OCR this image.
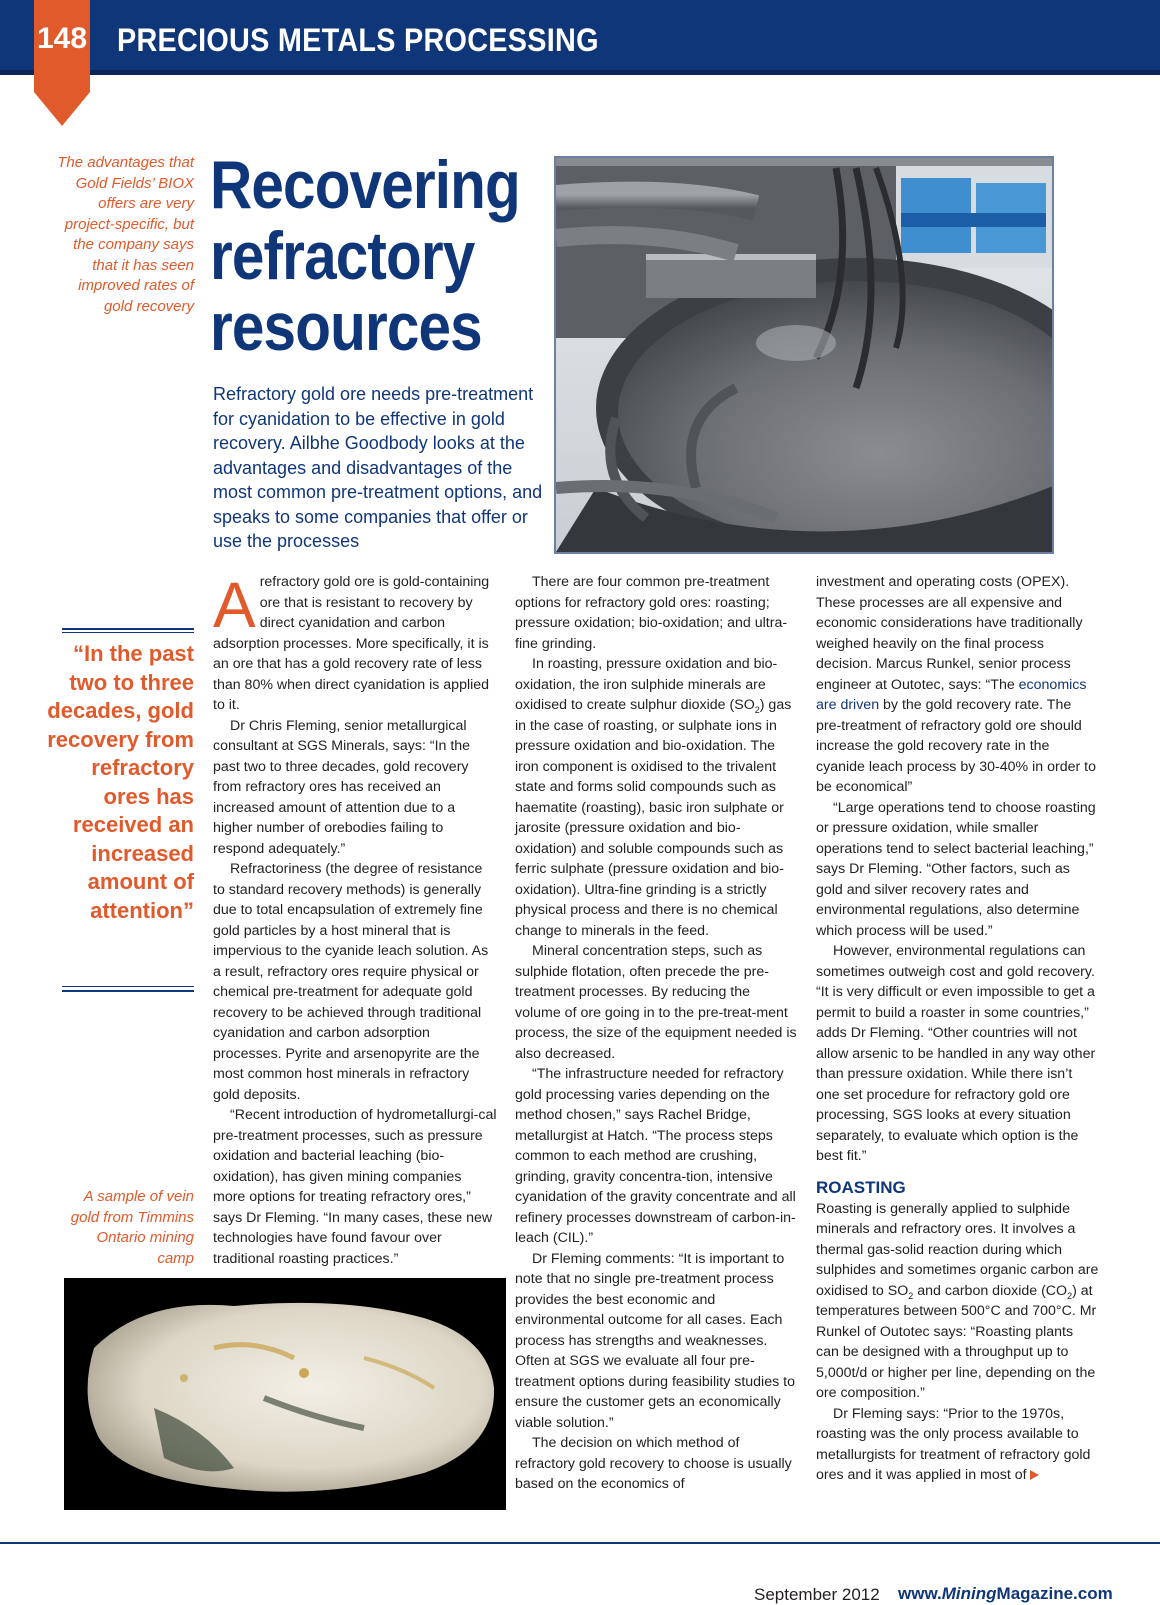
148 PRECIOUS METALS PROCESSING
The advantages that Gold Fields’ BIOX offers are very project-specific, but the company says that it has seen improved rates of gold recovery
Recovering
refractory
resources
Refractory gold ore needs pre-treatment for cyanidation to be effective in gold recovery. Ailbhe Goodbody looks at the advantages and disadvantages of the most common pre-treatment options, and speaks to some companies that offer or use the processes
“In the past two to three decades, gold recovery from refractory ores has received an increased amount of attention”
A sample of vein gold from Timmins Ontario mining camp
A refractory gold ore is gold-containing ore that is resistant to recovery by direct cyanidation and carbon adsorption processes. More specifically, it is an ore that has a gold recovery rate of less than 80% when direct cyanidation is applied to it.

Dr Chris Fleming, senior metallurgical consultant at SGS Minerals, says: “In the past two to three decades, gold recovery from refractory ores has received an increased amount of attention due to a higher number of orebodies failing to respond adequately.”

Refractoriness (the degree of resistance to standard recovery methods) is generally due to total encapsulation of extremely fine gold particles by a host mineral that is impervious to the cyanide leach solution. As a result, refractory ores require physical or chemical pre-treatment for adequate gold recovery to be achieved through traditional cyanidation and carbon adsorption processes. Pyrite and arsenopyrite are the most common host minerals in refractory gold deposits.

“Recent introduction of hydrometallurgi-cal pre-treatment processes, such as pressure oxidation and bacterial leaching (bio-oxidation), has given mining companies more options for treating refractory ores,” says Dr Fleming. “In many cases, these new technologies have found favour over traditional roasting practices.”

There are four common pre-treatment options for refractory gold ores: roasting; pressure oxidation; bio-oxidation; and ultra-fine grinding.

In roasting, pressure oxidation and bio-oxidation, the iron sulphide minerals are oxidised to create sulphur dioxide $(SO_2)$ gas in the case of roasting, or sulphate ions in pressure oxidation and bio-oxidation. The iron component is oxidised to the trivalent state and forms solid compounds such as haematite (roasting), basic iron sulphate or jarosite (pressure oxidation and bio-oxidation) and soluble compounds such as ferric sulphate (pressure oxidation and bio-oxidation). Ultra-fine grinding is a strictly physical process and there is no chemical change to minerals in the feed.

Mineral concentration steps, such as sulphide flotation, often precede the pre-treatment processes. By reducing the volume of ore going in to the pre-treat-ment process, the size of the equipment needed is also decreased.

“The infrastructure needed for refractory gold processing varies depending on the method chosen,” says Rachel Bridge, metallurgist at Hatch. “The process steps common to each method are crushing, grinding, gravity concentra-tion, intensive cyanidation of the gravity concentrate and all refinery processes downstream of carbon-in-leach (CIL).”

Dr Fleming comments: “It is important to note that no single pre-treatment process provides the best economic and environmental outcome for all cases. Each process has strengths and weaknesses. Often at SGS we evaluate all four pre-treatment options during feasibility studies to ensure the customer gets an economically viable solution.”

The decision on which method of refractory gold recovery to choose is usually based on the economics of

investment and operating costs (OPEX). These processes are all expensive and economic considerations have traditionally weighed heavily on the final process decision. Marcus Runkel, senior process engineer at Outotec, says: “The economics are driven by the gold recovery rate. The pre-treatment of refractory gold ore should increase the gold recovery rate in the cyanide leach process by 30-40% in order to be economical”

“Large operations tend to choose roasting or pressure oxidation, while smaller operations tend to select bacterial leaching,” says Dr Fleming. “Other factors, such as gold and silver recovery rates and environmental regulations, also determine which process will be used.”

However, environmental regulations can sometimes outweigh cost and gold recovery. “It is very difficult or even impossible to get a permit to build a roaster in some countries,” adds Dr Fleming. “Other countries will not allow arsenic to be handled in any way other than pressure oxidation. While there isn’t one set procedure for refractory gold ore processing, SGS looks at every situation separately, to evaluate which option is the best fit.”

ROASTING

Roasting is generally applied to sulphide minerals and refractory ores. It involves a thermal gas-solid reaction during which sulphides and sometimes organic carbon are oxidised to $SO_2$ and carbon dioxide $(CO_2)$ at temperatures between 500°C and 700°C. Mr Runkel of Outotec says: “Roasting plants can be designed with a throughput up to 5,000t/d or higher per line, depending on the ore composition.”

Dr Fleming says: “Prior to the 1970s, roasting was the only process available to metallurgists for treatment of refractory gold ores and it was applied in most of

September 2012 www.MiningMagazine.com
